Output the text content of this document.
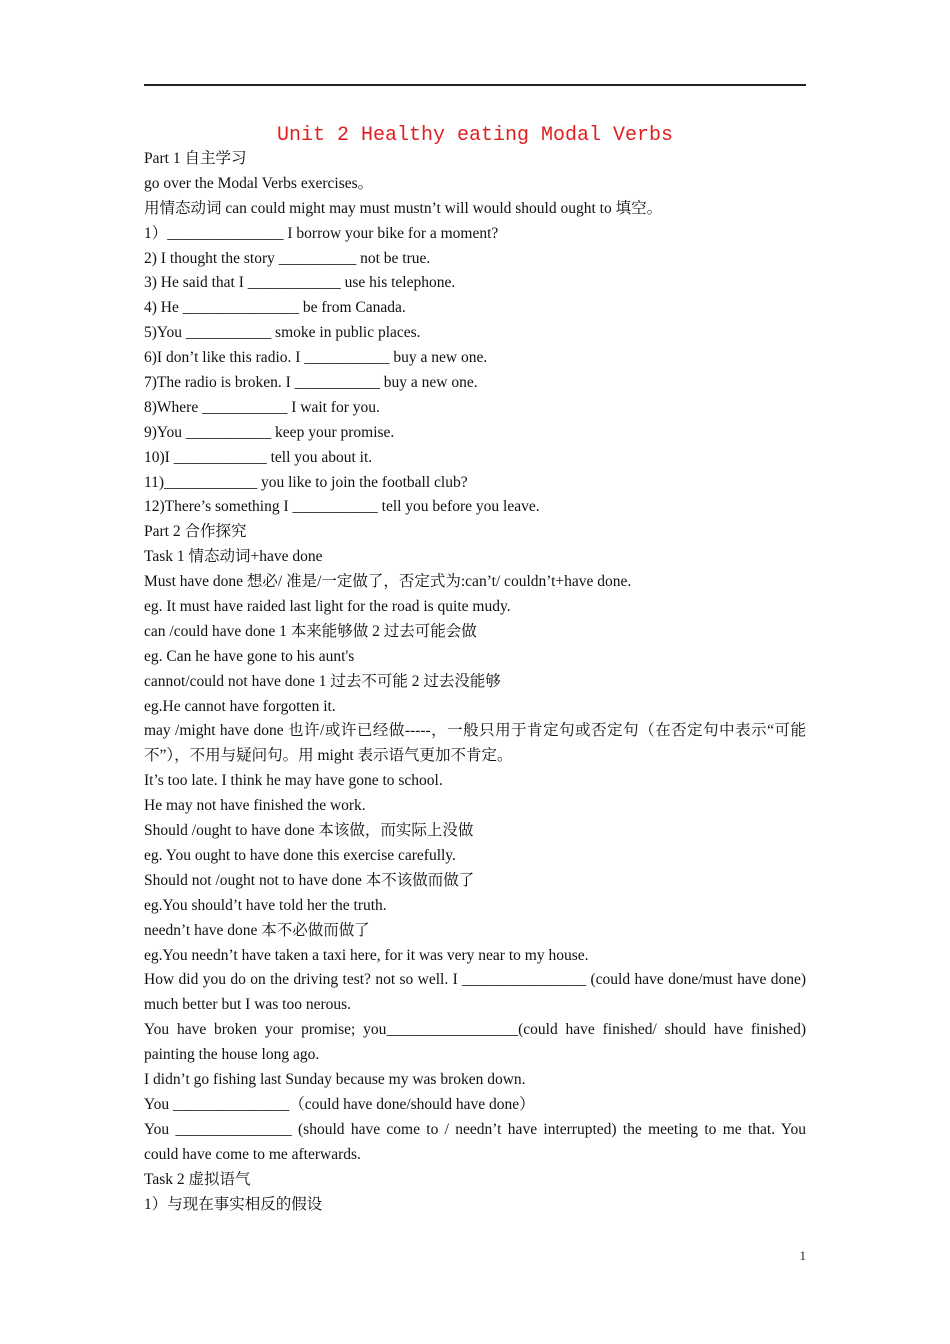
Unit 2 Healthy eating Modal Verbs
Part 1 自主学习
go over the Modal Verbs exercises。
用情态动词 can could might may must mustn’t will would should ought to 填空。
1）_______________ I borrow your bike for a moment?
2) I thought the story __________ not be true.
3) He said that I ____________ use his telephone.
4) He _______________ be from Canada.
5)You ___________ smoke in public places.
6)I don’t like this radio. I ___________ buy a new one.
7)The radio is broken. I ___________ buy a new one.
8)Where ___________ I wait for you.
9)You ___________ keep your promise.
10)I ____________ tell you about it.
11)____________ you like to join the football club?
12)There’s something I ___________ tell you before you leave.
Part 2 合作探究
Task 1 情态动词+have done
Must have done 想必/ 准是/一定做了，否定式为:can’t/ couldn’t+have done.
eg. It must have raided last light for the road is quite mudy.
can /could have done 1 本来能够做 2 过去可能会做
eg. Can he have gone to his aunt's
cannot/could not have done 1 过去不可能 2 过去没能够
eg.He cannot have forgotten it.
may /might have done 也许/或许已经做-----，一般只用于肯定句或否定句（在否定句中表示“可能不”），不用与疑问句。用 might 表示语气更加不肯定。
It’s too late. I think he may have gone to school.
He may not have finished the work.
Should /ought to have done 本该做，而实际上没做
eg. You ought to have done this exercise carefully.
Should not /ought not to have done 本不该做而做了
eg.You should’t have told her the truth.
needn’t have done 本不必做而做了
eg.You needn’t have taken a taxi here, for it was very near to my house.
How did you do on the driving test? not so well. I ________________ (could have done/must have done) much better but I was too nerous.
You have broken your promise; you_________________(could have finished/ should have finished) painting the house long ago.
I didn’t go fishing last Sunday because my was broken down.
You _______________（could have done/should have done）
You _______________ (should have come to / needn’t have interrupted) the meeting to me that. You could have come to me afterwards.
Task 2 虚拟语气
1）与现在事实相反的假设
1
